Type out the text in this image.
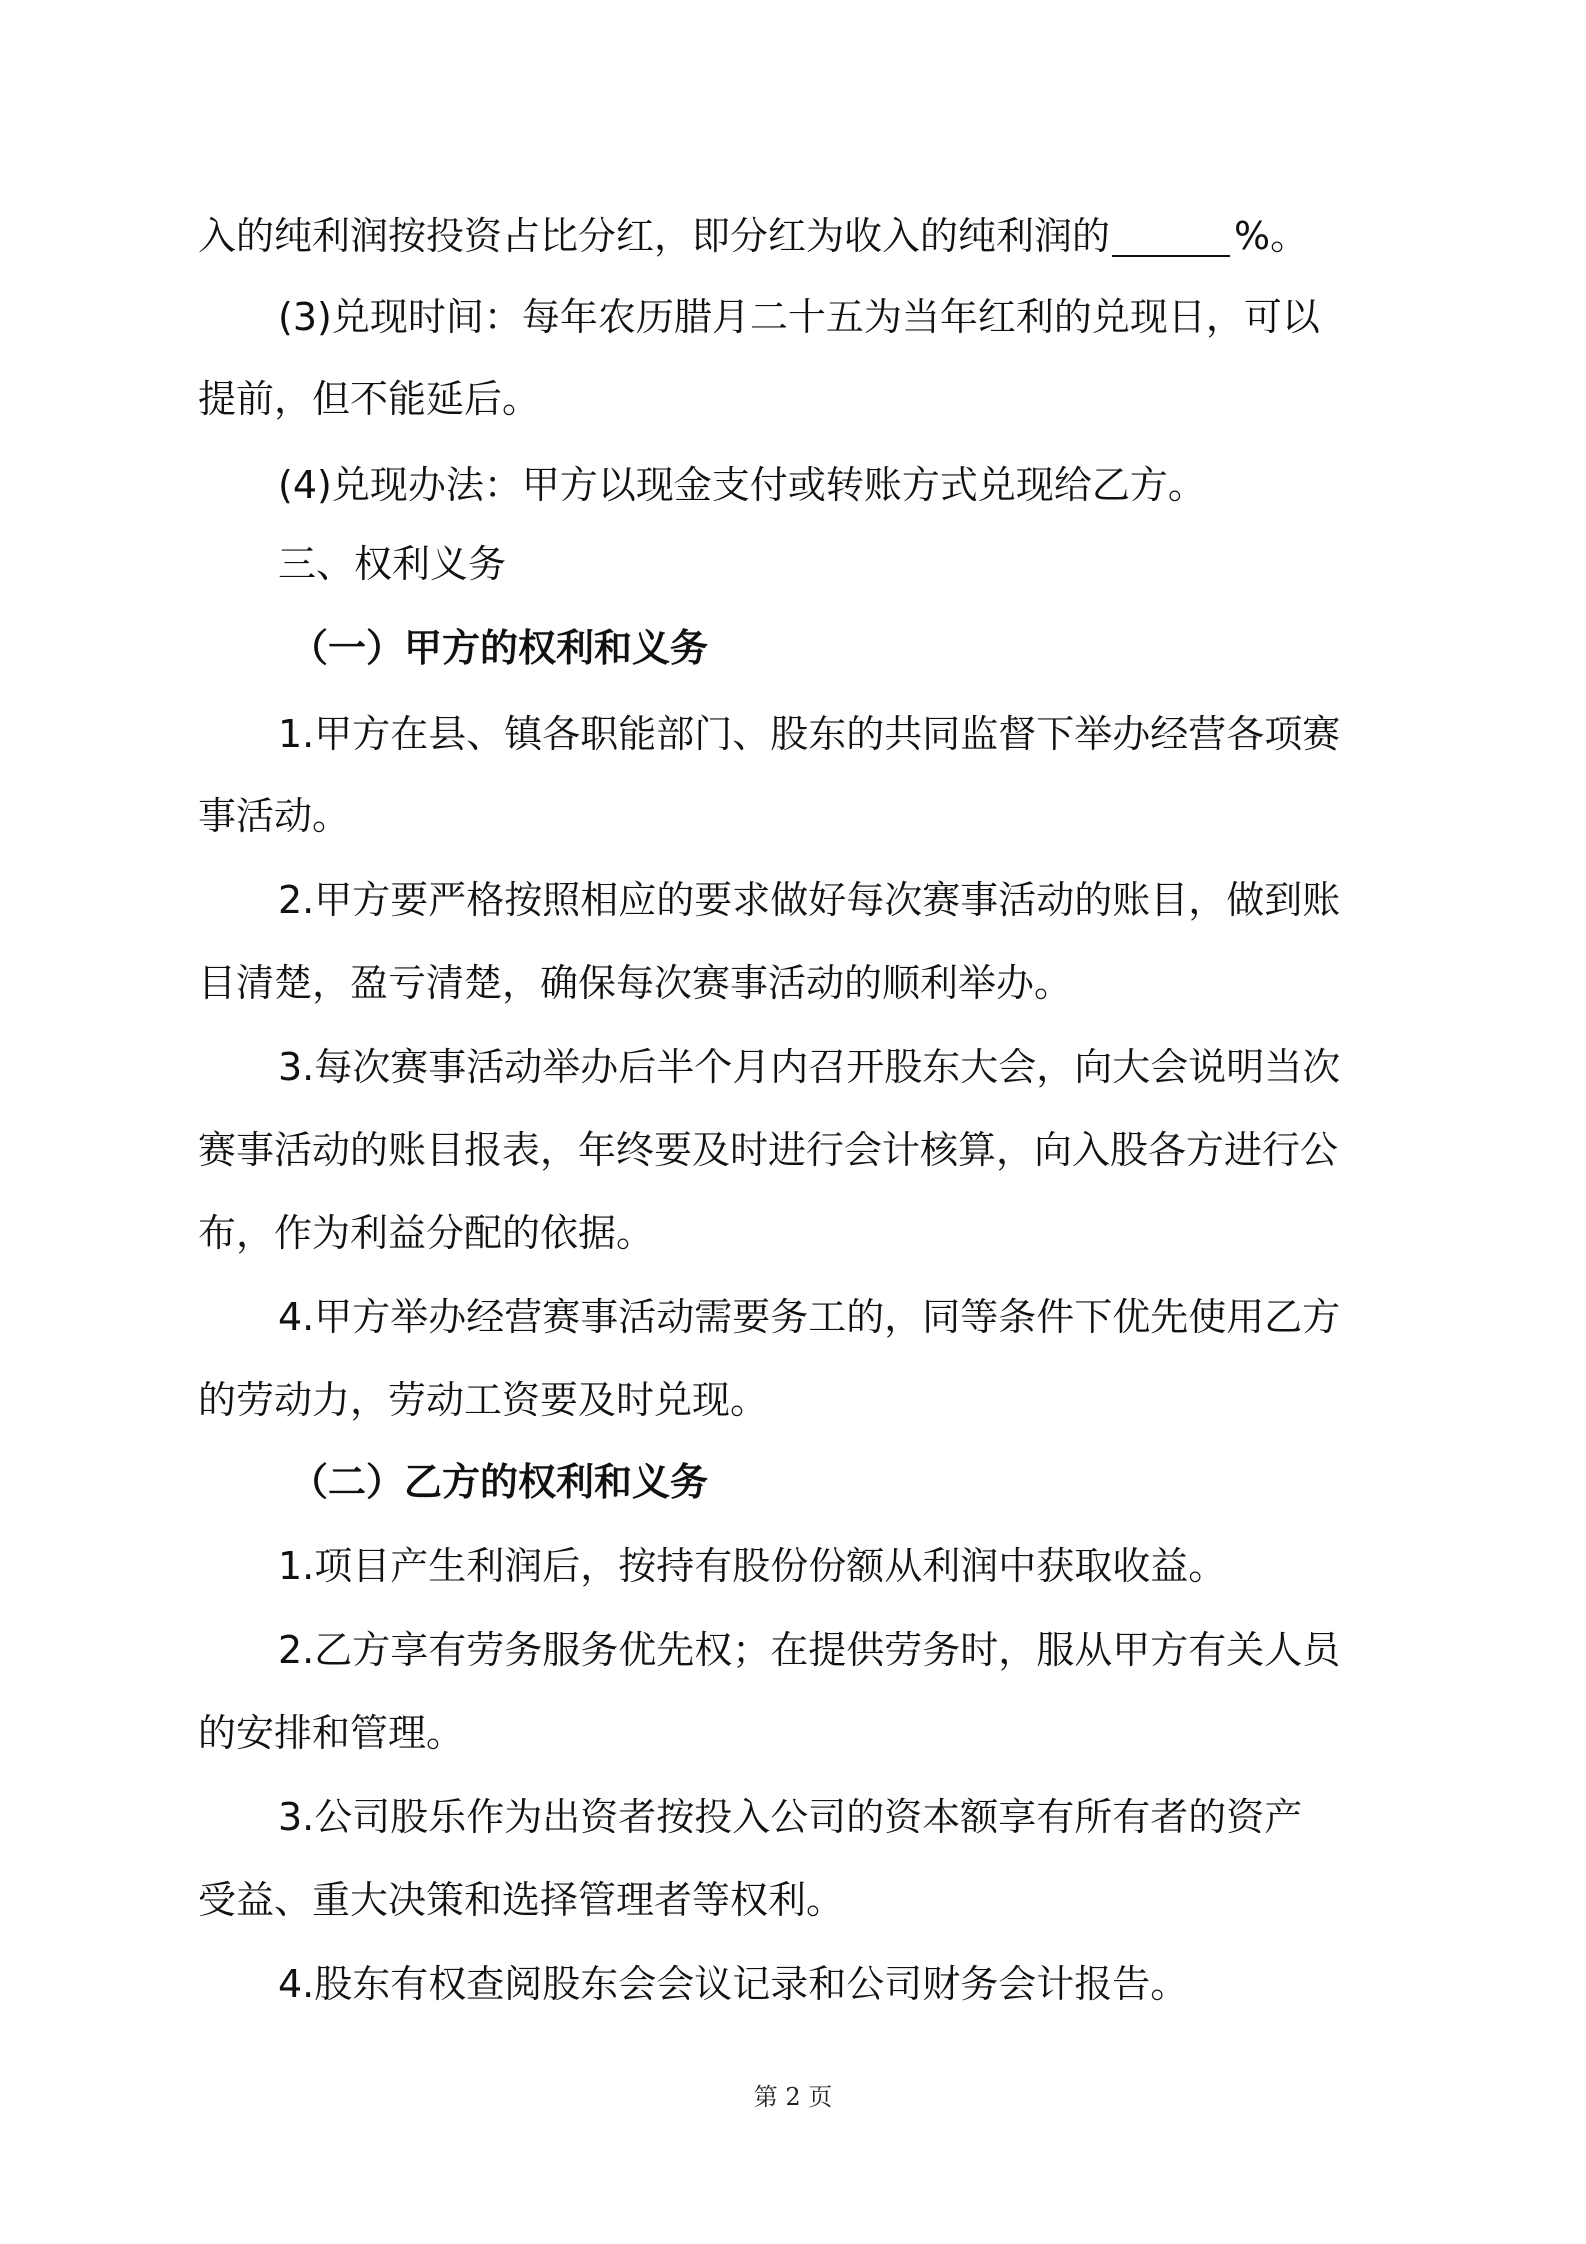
入的纯利润按投资占比分红，即分红为收入的纯利润的	%。
(3)兑现时间：每年农历腊月二十五为当年红利的兑现日，可以
提前，但不能延后。
(4)兑现办法：甲方以现金支付或转账方式兑现给乙方。
三、权利义务
（一）甲方的权利和义务
1.甲方在县、镇各职能部门、股东的共同监督下举办经营各项赛
事活动。
2.甲方要严格按照相应的要求做好每次赛事活动的账目，做到账
目清楚，盈亏清楚，确保每次赛事活动的顺利举办。
3.每次赛事活动举办后半个月内召开股东大会，向大会说明当次
赛事活动的账目报表，年终要及时进行会计核算，向入股各方进行公
布，作为利益分配的依据。
4.甲方举办经营赛事活动需要务工的，同等条件下优先使用乙方
的劳动力，劳动工资要及时兑现。
（二）乙方的权利和义务
1.项目产生利润后，按持有股份份额从利润中获取收益。
2.乙方享有劳务服务优先权；在提供劳务时，服从甲方有关人员
的安排和管理。
3.公司股乐作为出资者按投入公司的资本额享有所有者的资产
受益、重大决策和选择管理者等权利。
4.股东有权查阅股东会会议记录和公司财务会计报告。
第 2 页
